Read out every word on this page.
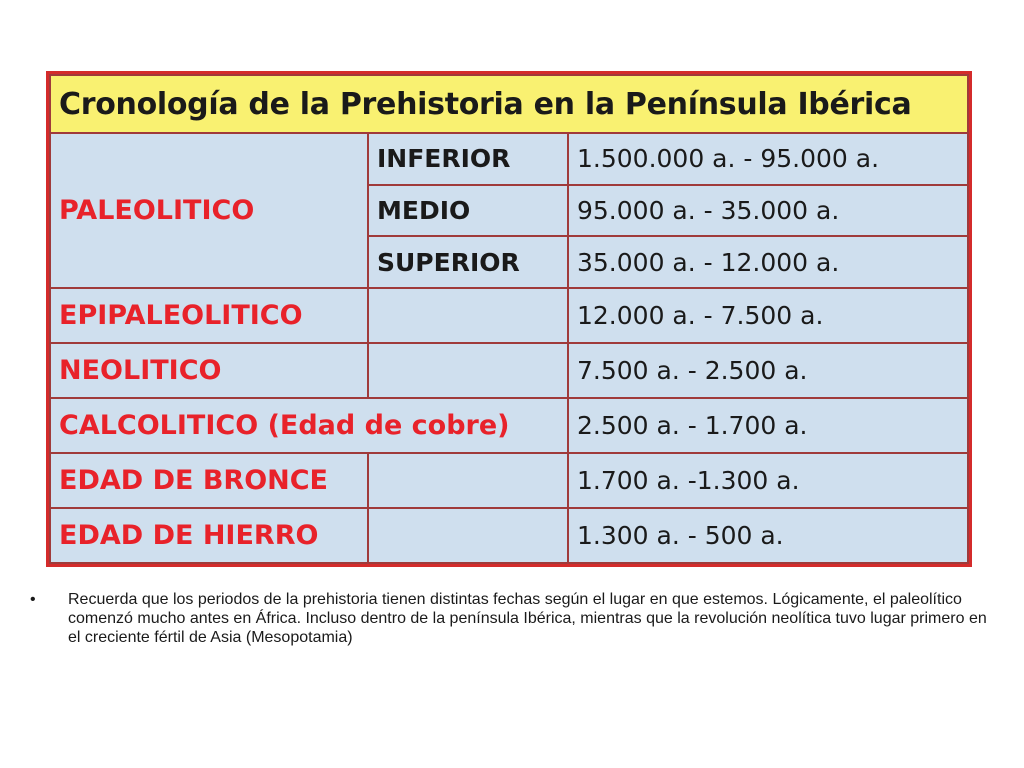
Cronología de la Prehistoria en la Península Ibérica		
PALEOLITICO	INFERIOR	1.500.000 a. - 95.000 a.
	MEDIO	95.000 a. - 35.000 a.
	SUPERIOR	35.000 a. - 12.000 a.
EPIPALEOLITICO		12.000 a. - 7.500 a.
NEOLITICO		7.500 a. - 2.500 a.
CALCOLITICO (Edad de cobre)		2.500 a. - 1.700 a.
EDAD DE BRONCE		1.700 a. -1.300 a.
EDAD DE HIERRO		1.300 a. - 500 a.
• Recuerda que los periodos de la prehistoria tienen distintas fechas según el lugar en que estemos. Lógicamente, el paleolítico comenzó mucho antes en África. Incluso dentro de la península Ibérica, mientras que la revolución neolítica tuvo lugar primero en el creciente fértil de Asia (Mesopotamia)
